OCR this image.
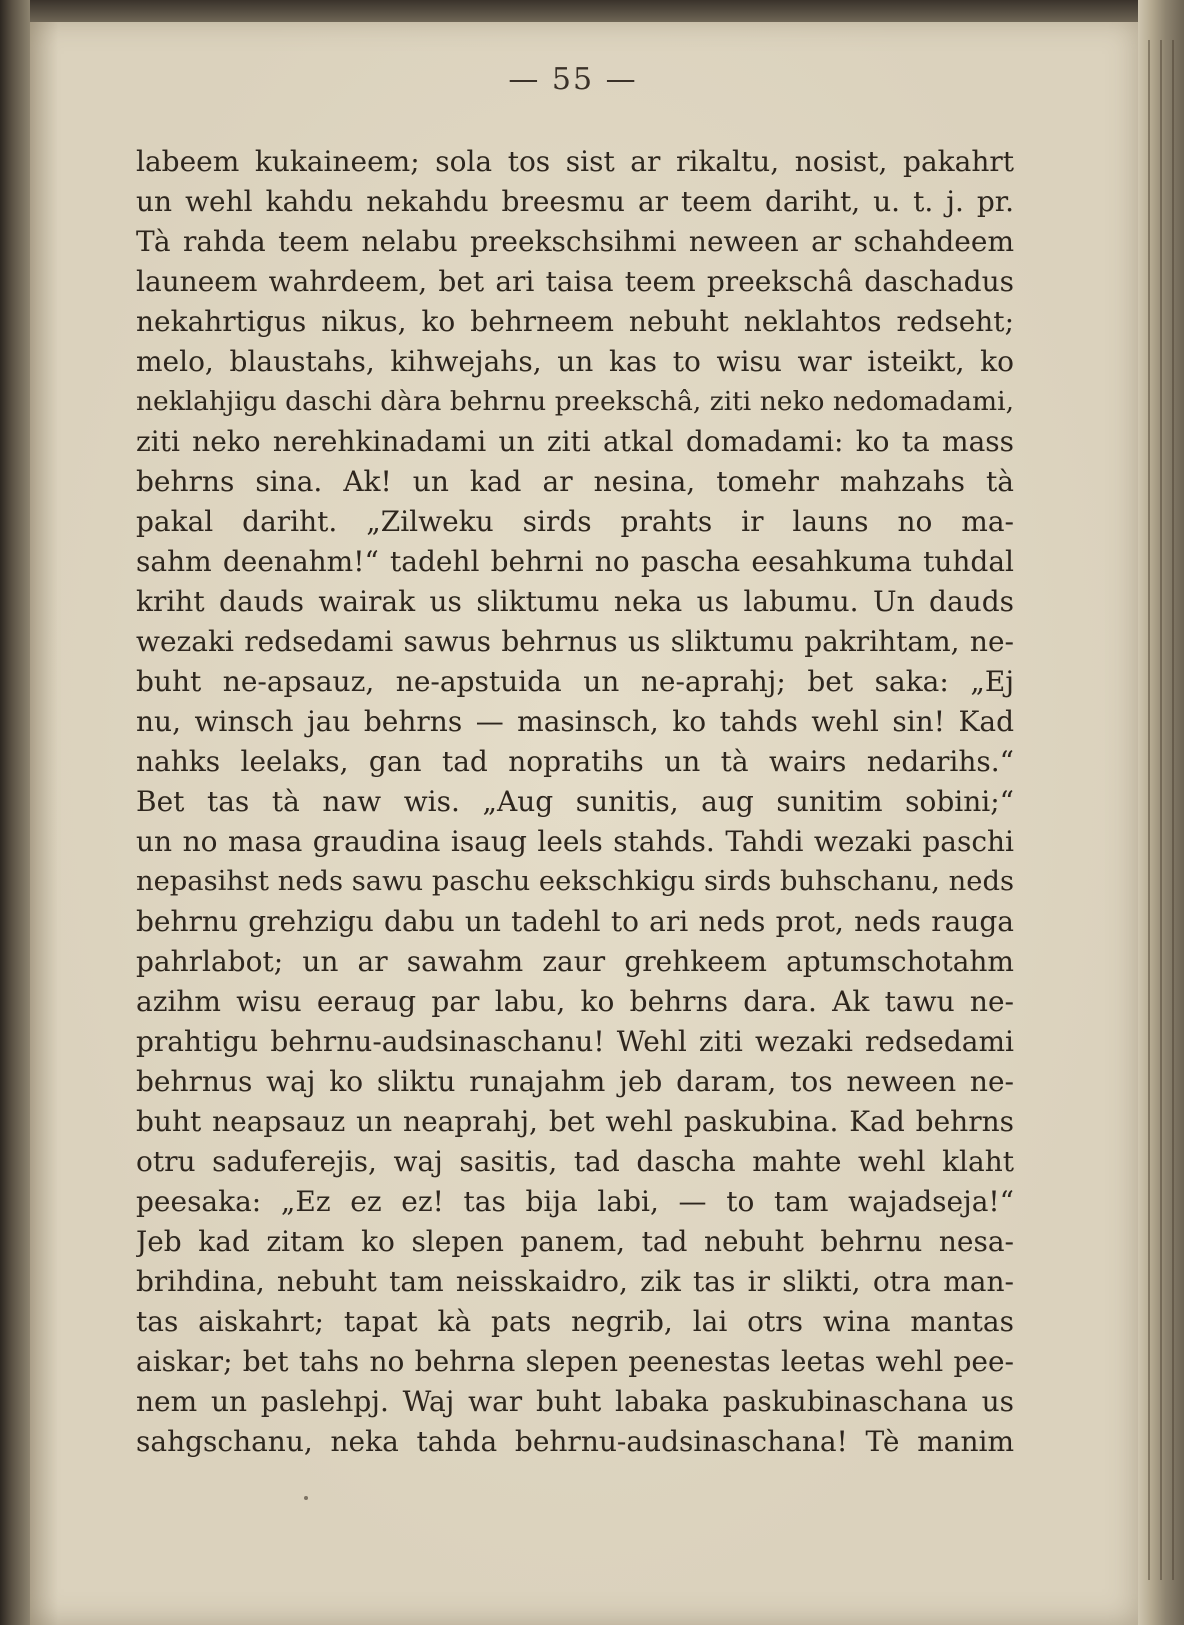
— 55 —
labeem kukaineem; sola tos sist ar rikaltu, nosist, pakahrt
un wehl kahdu nekahdu breesmu ar teem dariht, u. t. j. pr.
Tà rahda teem nelabu preekschsihmi neween ar schahdeem
launeem wahrdeem, bet ari taisa teem preekschâ daschadus
nekahrtigus nikus, ko behrneem nebuht neklahtos redseht;
melo, blaustahs, kihwejahs, un kas to wisu war isteikt, ko
neklahjigu daschi dàra behrnu preekschâ, ziti neko nedomadami,
ziti neko nerehkinadami un ziti atkal domadami: ko ta mass
behrns sina. Ak! un kad ar nesina, tomehr mahzahs tà
pakal dariht. „Zilweku sirds prahts ir launs no ma-
sahm deenahm!“ tadehl behrni no pascha eesahkuma tuhdal
kriht dauds wairak us sliktumu neka us labumu. Un dauds
wezaki redsedami sawus behrnus us sliktumu pakrihtam, ne-
buht ne-apsauz, ne-apstuida un ne-aprahj; bet saka: „Ej
nu, winsch jau behrns — masinsch, ko tahds wehl sin! Kad
nahks leelaks, gan tad nopratihs un tà wairs nedarihs.“
Bet tas tà naw wis. „Aug sunitis, aug sunitim sobini;“
un no masa graudina isaug leels stahds. Tahdi wezaki paschi
nepasihst neds sawu paschu eekschkigu sirds buhschanu, neds
behrnu grehzigu dabu un tadehl to ari neds prot, neds rauga
pahrlabot; un ar sawahm zaur grehkeem aptumschotahm
azihm wisu eeraug par labu, ko behrns dara. Ak tawu ne-
prahtigu behrnu-audsinaschanu! Wehl ziti wezaki redsedami
behrnus waj ko sliktu runajahm jeb daram, tos neween ne-
buht neapsauz un neaprahj, bet wehl paskubina. Kad behrns
otru saduferejis, waj sasitis, tad dascha mahte wehl klaht
peesaka: „Ez ez ez! tas bija labi, — to tam wajadseja!“
Jeb kad zitam ko slepen panem, tad nebuht behrnu nesa-
brihdina, nebuht tam neisskaidro, zik tas ir slikti, otra man-
tas aiskahrt; tapat kà pats negrib, lai otrs wina mantas
aiskar; bet tahs no behrna slepen peenestas leetas wehl pee-
nem un paslehpj. Waj war buht labaka paskubinaschana us
sahgschanu, neka tahda behrnu-audsinaschana! Tè manim
